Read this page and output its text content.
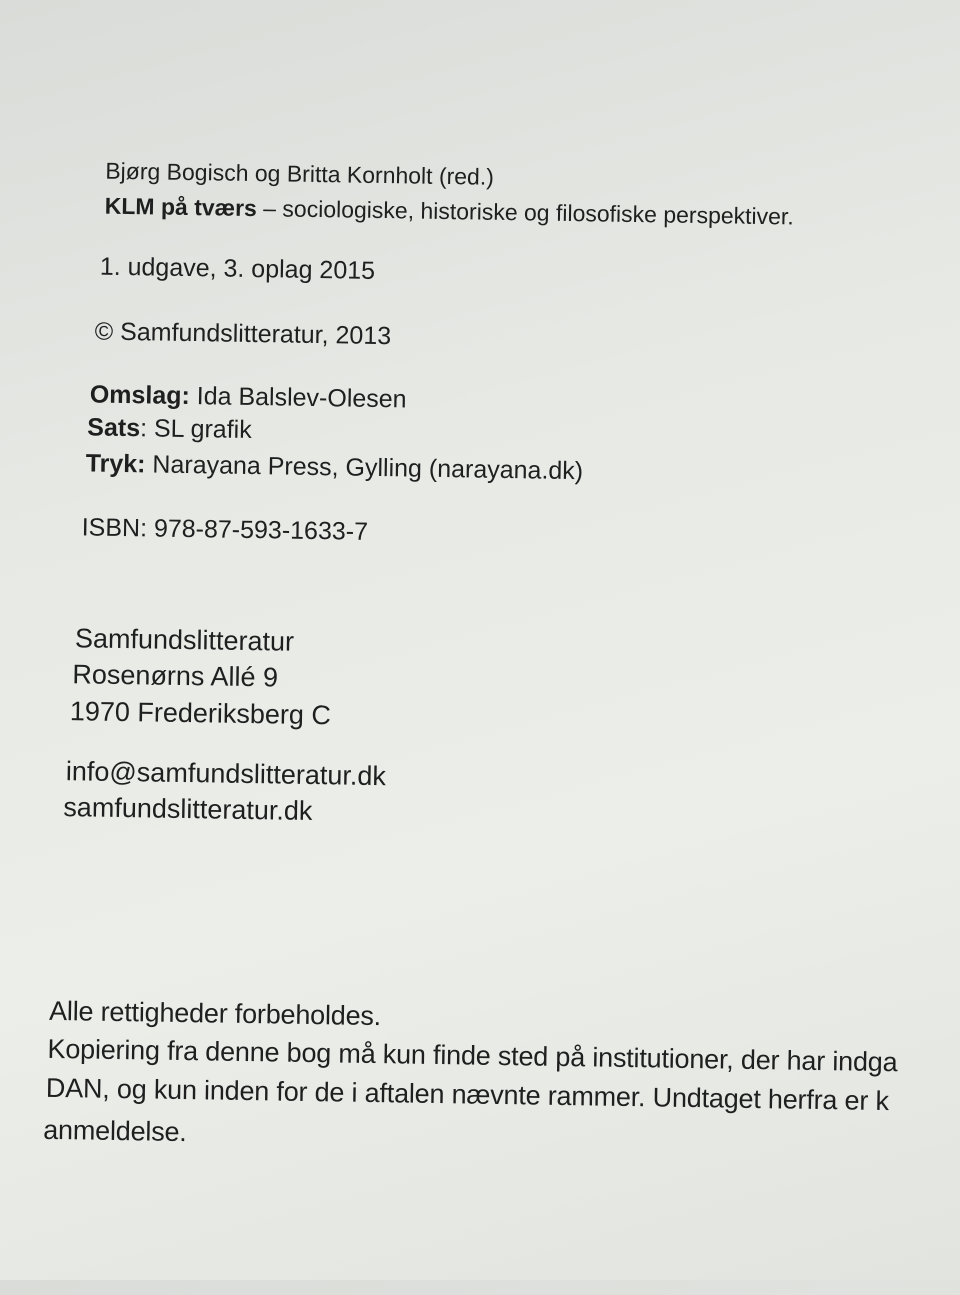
Bjørg Bogisch og Britta Kornholt (red.)
KLM på tværs – sociologiske, historiske og filosofiske perspektiver.
1. udgave, 3. oplag 2015
© Samfundslitteratur, 2013
Omslag: Ida Balslev-Olesen
Sats: SL grafik
Tryk: Narayana Press, Gylling (narayana.dk)
ISBN: 978-87-593-1633-7
Samfundslitteratur
Rosenørns Allé 9
1970 Frederiksberg C
info@samfundslitteratur.dk
samfundslitteratur.dk
Alle rettigheder forbeholdes.
Kopiering fra denne bog må kun finde sted på institutioner, der har indga
DAN, og kun inden for de i aftalen nævnte rammer. Undtaget herfra er k
anmeldelse.
